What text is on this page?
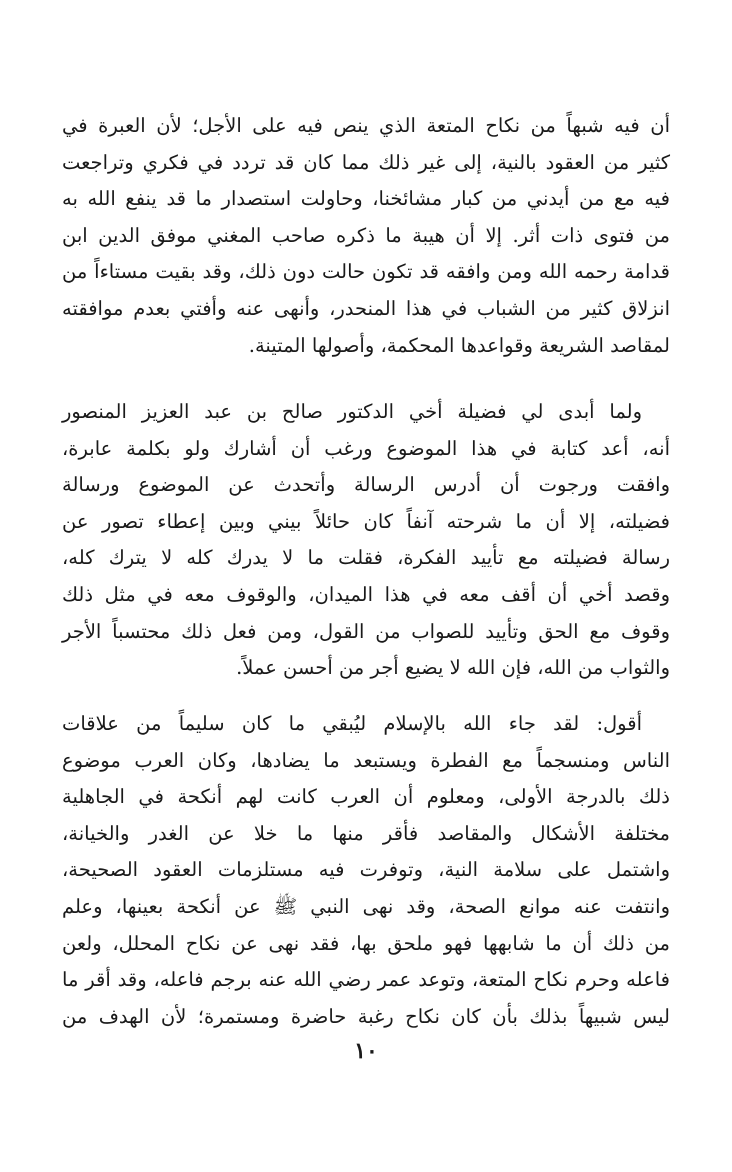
أن فيه شبهاً من نكاح المتعة الذي ينص فيه على الأجل؛ لأن العبرة في
كثير من العقود بالنية، إلى غير ذلك مما كان قد تردد في فكري وتراجعت
فيه مع من أيدني من كبار مشائخنا، وحاولت استصدار ما قد ينفع الله به
من فتوى ذات أثر. إلا أن هيبة ما ذكره صاحب المغني موفق الدين ابن
قدامة رحمه الله ومن وافقه قد تكون حالت دون ذلك، وقد بقيت مستاءاً من
انزلاق كثير من الشباب في هذا المنحدر، وأنهى عنه وأفتي بعدم موافقته
لمقاصد الشريعة وقواعدها المحكمة، وأصولها المتينة.
ولما أبدى لي فضيلة أخي الدكتور صالح بن عبد العزيز المنصور
أنه، أعد كتابة في هذا الموضوع ورغب أن أشارك ولو بكلمة عابرة،
وافقت ورجوت أن أدرس الرسالة وأتحدث عن الموضوع ورسالة
فضيلته، إلا أن ما شرحته آنفاً كان حائلاً بيني وبين إعطاء تصور عن
رسالة فضيلته مع تأييد الفكرة، فقلت ما لا يدرك كله لا يترك كله،
وقصد أخي أن أقف معه في هذا الميدان، والوقوف معه في مثل ذلك
وقوف مع الحق وتأييد للصواب من القول، ومن فعل ذلك محتسباً الأجر
والثواب من الله، فإن الله لا يضيع أجر من أحسن عملاً.
أقول: لقد جاء الله بالإسلام ليُبقي ما كان سليماً من علاقات
الناس ومنسجماً مع الفطرة ويستبعد ما يضادها، وكان العرب موضوع
ذلك بالدرجة الأولى، ومعلوم أن العرب كانت لهم أنكحة في الجاهلية
مختلفة الأشكال والمقاصد فأقر منها ما خلا عن الغدر والخيانة،
واشتمل على سلامة النية، وتوفرت فيه مستلزمات العقود الصحيحة،
وانتفت عنه موانع الصحة، وقد نهى النبي ﷺ عن أنكحة بعينها، وعلم
من ذلك أن ما شابهها فهو ملحق بها، فقد نهى عن نكاح المحلل، ولعن
فاعله وحرم نكاح المتعة، وتوعد عمر رضي الله عنه برجم فاعله، وقد أقر ما
ليس شبيهاً بذلك بأن كان نكاح رغبة حاضرة ومستمرة؛ لأن الهدف من
١٠
